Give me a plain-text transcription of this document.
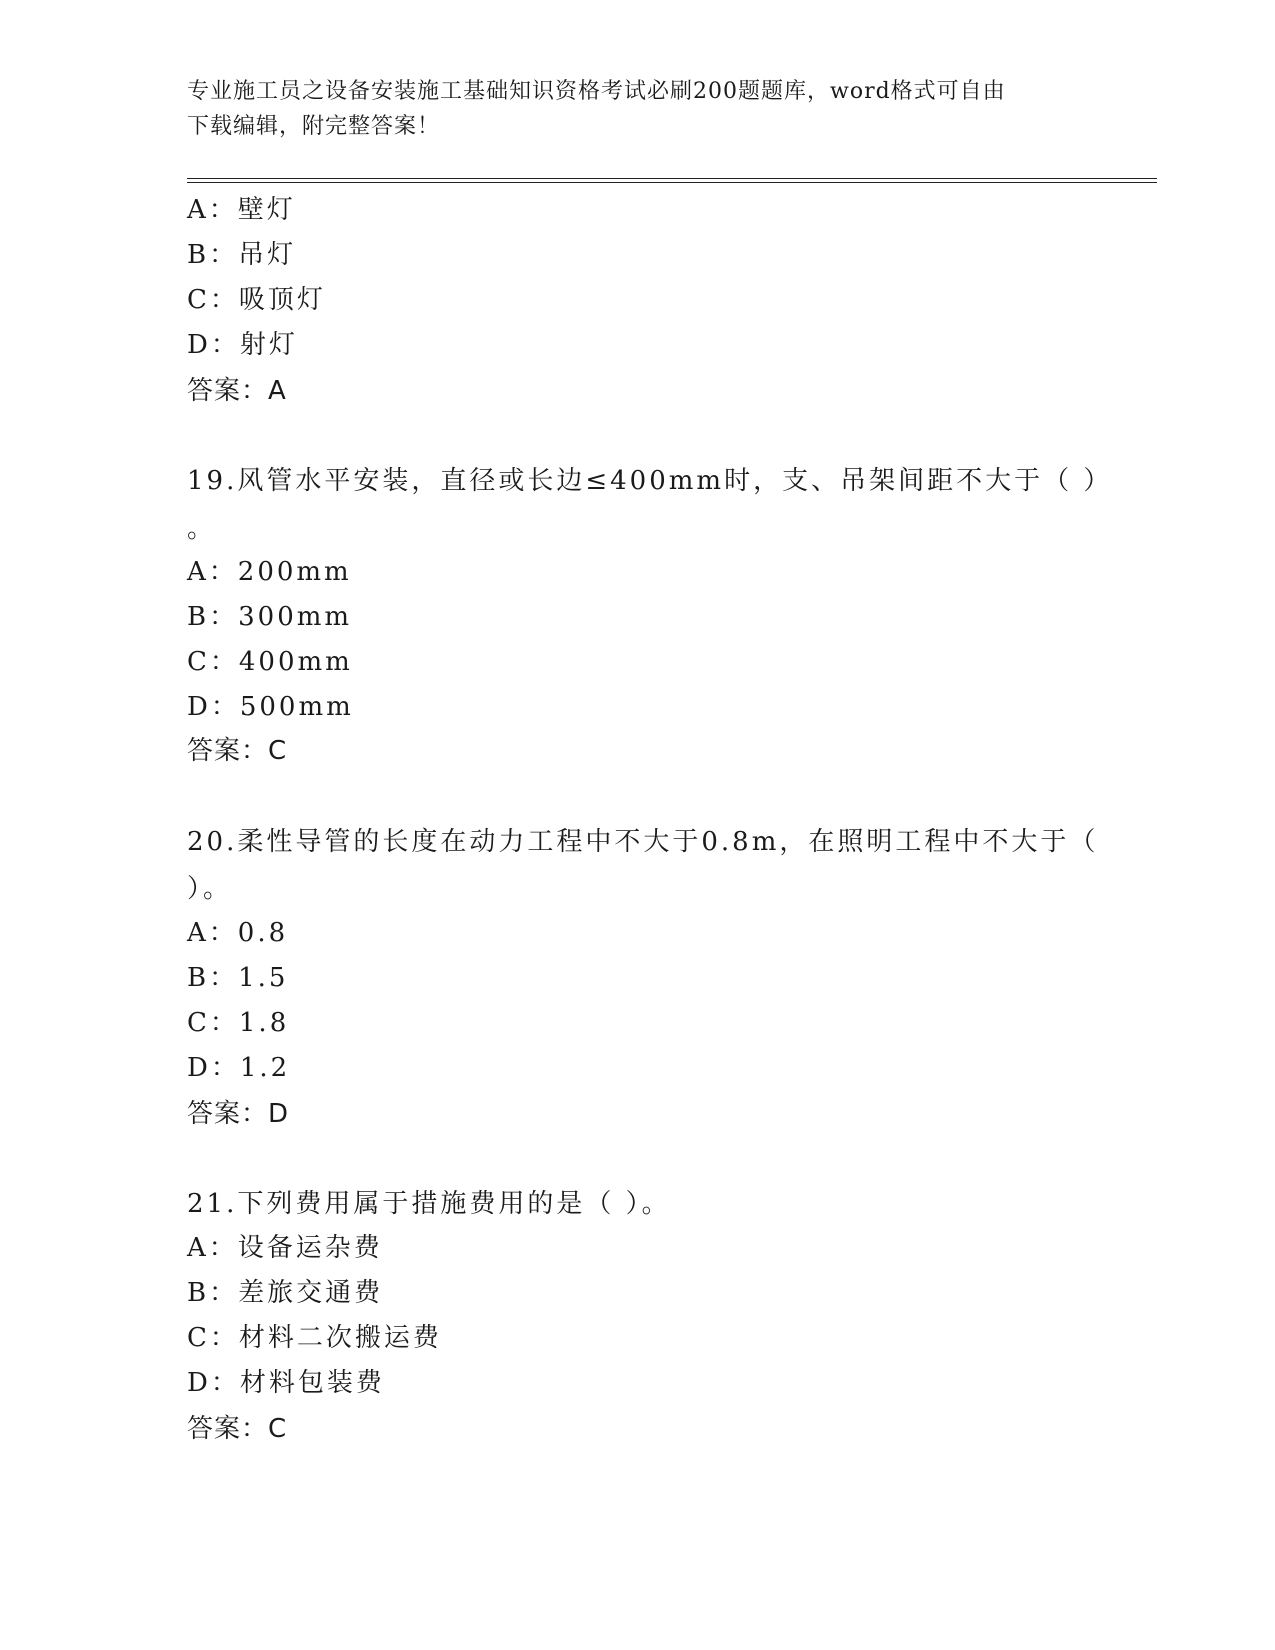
专业施工员之设备安装施工基础知识资格考试必刷200题题库，word格式可自由
下载编辑，附完整答案！
A：壁灯
B：吊灯
C：吸顶灯
D：射灯
答案：A
19.风管水平安装，直径或长边≤400mm时，支、吊架间距不大于（ ）
。
A：200mm
B：300mm
C：400mm
D：500mm
答案：C
20.柔性导管的长度在动力工程中不大于0.8m，在照明工程中不大于（
）。
A：0.8
B：1.5
C：1.8
D：1.2
答案：D
21.下列费用属于措施费用的是（ ）。
A：设备运杂费
B：差旅交通费
C：材料二次搬运费
D：材料包装费
答案：C
